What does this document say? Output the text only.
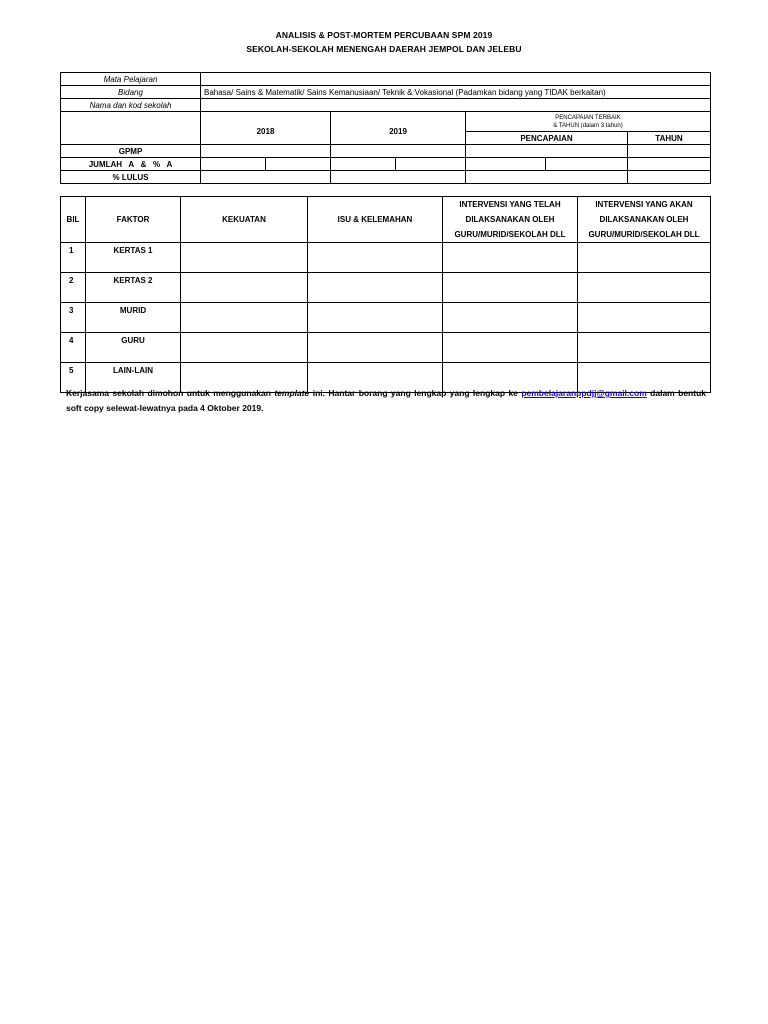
ANALISIS & POST-MORTEM PERCUBAAN SPM 2019
SEKOLAH-SEKOLAH MENENGAH DAERAH JEMPOL DAN JELEBU
Mata Pelajaran							
Bidang	Bahasa/ Sains & Matematik/ Sains Kemanusiaan/ Teknik & Vokasional (Padamkan bidang yang TIDAK berkaitan)						
Nama dan kod sekolah							
	2018		2019		PENCAPAIAN TERBAIK
& TAHUN (dalam 3 tahun)		

					PENCAPAIAN		TAHUN
GPMP							
JUMLAH   A   &   %   A							
% LULUS							
BIL	FAKTOR	KEKUATAN	ISU & KELEMAHAN	INTERVENSI YANG TELAH DILAKSANAKAN OLEH GURU/MURID/SEKOLAH DLL	INTERVENSI YANG AKAN DILAKSANAKAN OLEH GURU/MURID/SEKOLAH DLL
1	KERTAS 1				
2	KERTAS 2				
3	MURID				
4	GURU				
5	LAIN-LAIN				
Kerjasama sekolah dimohon untuk menggunakan template ini. Hantar borang yang lengkap yang lengkap ke pembelajaranppdjj@gmail.com dalam bentuk soft copy selewat-lewatnya pada 4 Oktober 2019.
